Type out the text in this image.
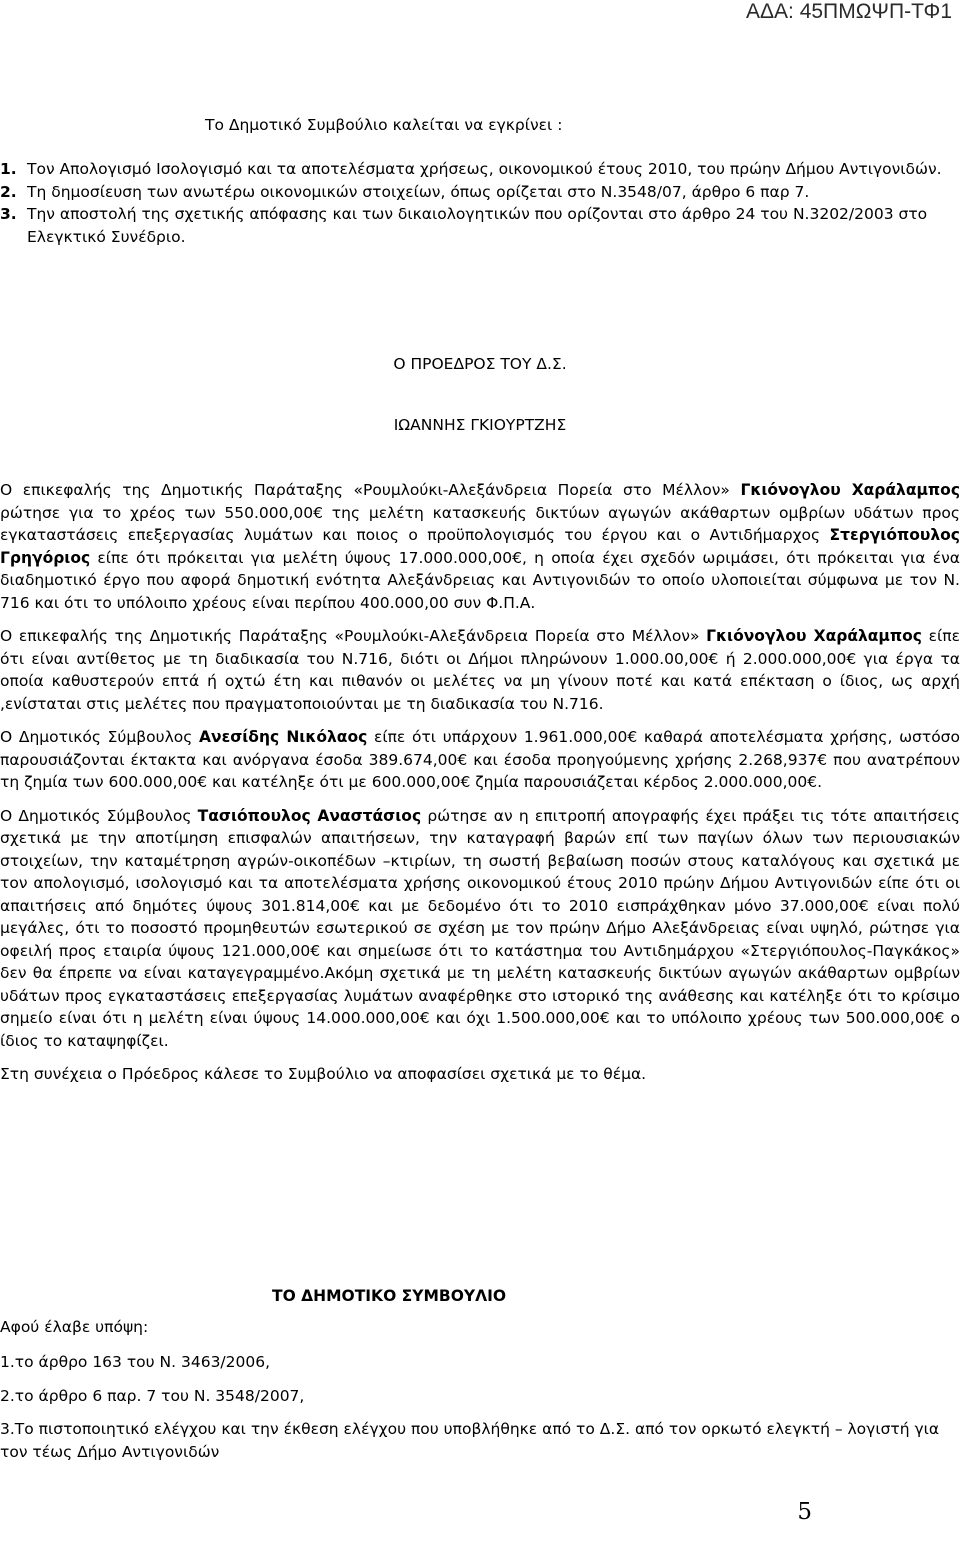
ΑΔΑ: 45ΠΜΩΨΠ-ΤΦ1
Το Δημοτικό Συμβούλιο καλείται να εγκρίνει :
1. Τον Απολογισμό Ισολογισμό και τα αποτελέσματα χρήσεως, οικονομικού έτους 2010, του πρώην Δήμου Αντιγονιδών.
2. Τη δημοσίευση των ανωτέρω οικονομικών στοιχείων, όπως ορίζεται στο Ν.3548/07, άρθρο 6 παρ 7.
3. Την αποστολή της σχετικής απόφασης και των δικαιολογητικών που ορίζονται στο άρθρο 24 του Ν.3202/2003 στο Ελεγκτικό Συνέδριο.
Ο ΠΡΟΕΔΡΟΣ ΤΟΥ Δ.Σ.
ΙΩΑΝΝΗΣ ΓΚΙΟΥΡΤΖΗΣ

Ο επικεφαλής της Δημοτικής Παράταξης «Ρουμλούκι-Αλεξάνδρεια Πορεία στο Μέλλον» Γκιόνογλου Χαράλαμπος ρώτησε για το χρέος των 550.000,00€ της μελέτη κατασκευής δικτύων αγωγών ακάθαρτων ομβρίων υδάτων προς εγκαταστάσεις επεξεργασίας λυμάτων και ποιος ο προϋπολογισμός του έργου και ο Αντιδήμαρχος Στεργιόπουλος Γρηγόριος είπε ότι πρόκειται για μελέτη ύψους 17.000.000,00€, η οποία έχει σχεδόν ωριμάσει, ότι πρόκειται για ένα διαδημοτικό έργο που αφορά δημοτική ενότητα Αλεξάνδρειας και Αντιγονιδών το οποίο υλοποιείται σύμφωνα με τον Ν. 716 και ότι το υπόλοιπο χρέους είναι περίπου 400.000,00 συν Φ.Π.Α.

Ο επικεφαλής της Δημοτικής Παράταξης «Ρουμλούκι-Αλεξάνδρεια Πορεία στο Μέλλον» Γκιόνογλου Χαράλαμπος είπε ότι είναι αντίθετος με τη διαδικασία του Ν.716, διότι οι Δήμοι πληρώνουν 1.000.00,00€ ή 2.000.000,00€ για έργα τα οποία καθυστερούν επτά ή οχτώ έτη και πιθανόν οι μελέτες να μη γίνουν ποτέ και κατά επέκταση ο ίδιος, ως αρχή ,ενίσταται στις μελέτες που πραγματοποιούνται με τη διαδικασία του Ν.716.

Ο Δημοτικός Σύμβουλος Ανεσίδης Νικόλαος είπε ότι υπάρχουν 1.961.000,00€ καθαρά αποτελέσματα χρήσης, ωστόσο παρουσιάζονται έκτακτα και ανόργανα έσοδα 389.674,00€ και έσοδα προηγούμενης χρήσης 2.268,937€ που ανατρέπουν τη ζημία των 600.000,00€ και κατέληξε ότι με 600.000,00€ ζημία παρουσιάζεται κέρδος 2.000.000,00€.

Ο Δημοτικός Σύμβουλος Τασιόπουλος Αναστάσιος ρώτησε αν η επιτροπή απογραφής έχει πράξει τις τότε απαιτήσεις σχετικά με την αποτίμηση επισφαλών απαιτήσεων, την καταγραφή βαρών επί των παγίων όλων των περιουσιακών στοιχείων, την καταμέτρηση αγρών-οικοπέδων –κτιρίων, τη σωστή βεβαίωση ποσών στους καταλόγους και σχετικά με τον απολογισμό, ισολογισμό και τα αποτελέσματα χρήσης οικονομικού έτους 2010 πρώην Δήμου Αντιγονιδών είπε ότι οι απαιτήσεις από δημότες ύψους 301.814,00€ και με δεδομένο ότι το 2010 εισπράχθηκαν μόνο 37.000,00€ είναι πολύ μεγάλες, ότι το ποσοστό προμηθευτών εσωτερικού σε σχέση με τον πρώην Δήμο Αλεξάνδρειας είναι υψηλό, ρώτησε για οφειλή προς εταιρία ύψους 121.000,00€ και σημείωσε ότι το κατάστημα του Αντιδημάρχου «Στεργιόπουλος-Παγκάκος» δεν θα έπρεπε να είναι καταγεγραμμένο.Ακόμη σχετικά με τη μελέτη κατασκευής δικτύων αγωγών ακάθαρτων ομβρίων υδάτων προς εγκαταστάσεις επεξεργασίας λυμάτων αναφέρθηκε στο ιστορικό της ανάθεσης και κατέληξε ότι το κρίσιμο σημείο είναι ότι η μελέτη είναι ύψους 14.000.000,00€ και όχι 1.500.000,00€ και το υπόλοιπο χρέους των 500.000,00€ ο ίδιος το καταψηφίζει.

Στη συνέχεια ο Πρόεδρος κάλεσε το Συμβούλιο να αποφασίσει σχετικά με το θέμα.

ΤΟ ΔΗΜΟΤΙΚΟ ΣΥΜΒΟΥΛΙΟ
Αφού έλαβε υπόψη:
1.το άρθρο 163 του Ν. 3463/2006,
2.το άρθρο 6 παρ. 7 του Ν. 3548/2007,
3.Το πιστοποιητικό ελέγχου και την έκθεση ελέγχου που υποβλήθηκε από το Δ.Σ. από τον ορκωτό ελεγκτή – λογιστή για τον τέως Δήμο Αντιγονιδών
5
